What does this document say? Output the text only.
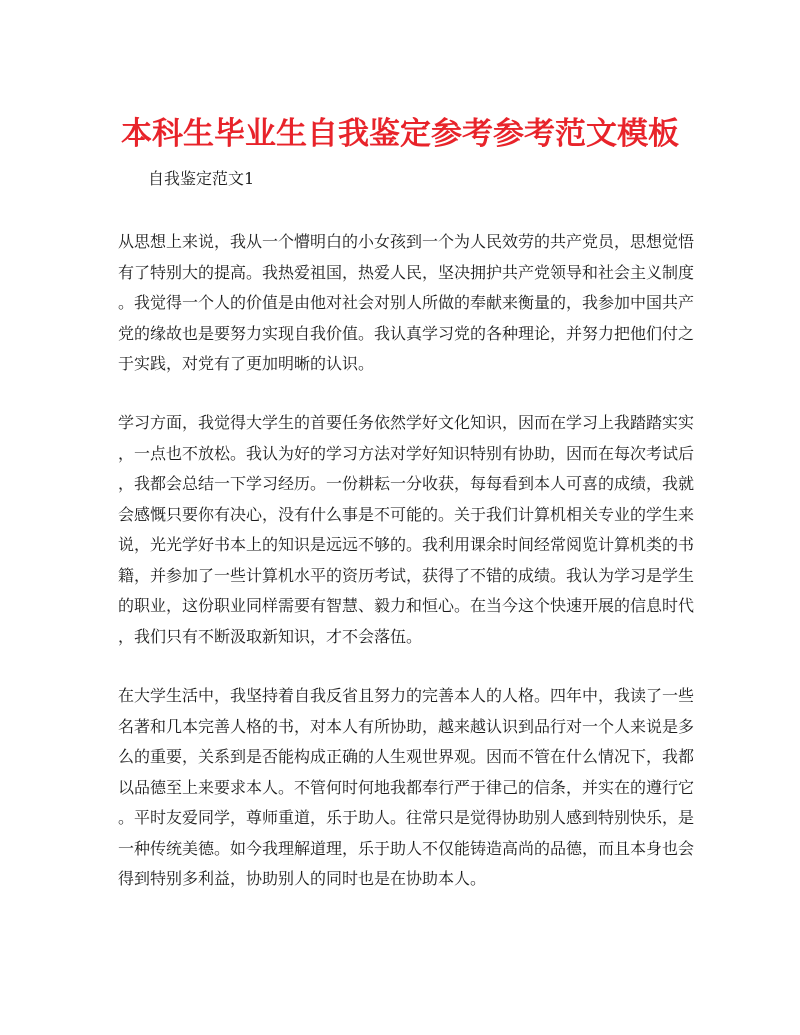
本科生毕业生自我鉴定参考参考范文模板

自我鉴定范文1

从思想上来说，我从一个懵明白的小女孩到一个为人民效劳的共产党员，思想觉悟
有了特别大的提高。我热爱祖国，热爱人民，坚决拥护共产党领导和社会主义制度
。我觉得一个人的价值是由他对社会对别人所做的奉献来衡量的，我参加中国共产
党的缘故也是要努力实现自我价值。我认真学习党的各种理论，并努力把他们付之
于实践，对党有了更加明晰的认识。
学习方面，我觉得大学生的首要任务依然学好文化知识，因而在学习上我踏踏实实
，一点也不放松。我认为好的学习方法对学好知识特别有协助，因而在每次考试后
，我都会总结一下学习经历。一份耕耘一分收获，每每看到本人可喜的成绩，我就
会感慨只要你有决心，没有什么事是不可能的。关于我们计算机相关专业的学生来
说，光光学好书本上的知识是远远不够的。我利用课余时间经常阅览计算机类的书
籍，并参加了一些计算机水平的资历考试，获得了不错的成绩。我认为学习是学生
的职业，这份职业同样需要有智慧、毅力和恒心。在当今这个快速开展的信息时代
，我们只有不断汲取新知识，才不会落伍。
在大学生活中，我坚持着自我反省且努力的完善本人的人格。四年中，我读了一些
名著和几本完善人格的书，对本人有所协助，越来越认识到品行对一个人来说是多
么的重要，关系到是否能构成正确的人生观世界观。因而不管在什么情况下，我都
以品德至上来要求本人。不管何时何地我都奉行严于律己的信条，并实在的遵行它
。平时友爱同学，尊师重道，乐于助人。往常只是觉得协助别人感到特别快乐，是
一种传统美德。如今我理解道理，乐于助人不仅能铸造高尚的品德，而且本身也会
得到特别多利益，协助别人的同时也是在协助本人。
